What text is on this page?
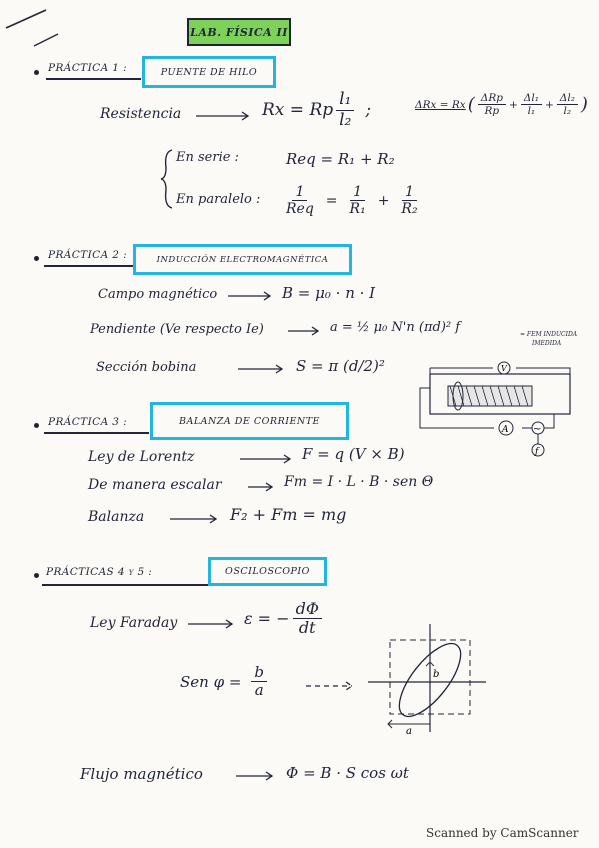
LAB. FÍSICA II
PRÁCTICA 1 :	PUENTE DE HILO
Resistencia	Rx = Rp $\frac{\text{l₁}}{\text{l₂}}$ ;	ΔRx = Rx ( $\frac{\text{ΔRp}}{Rp} + \frac{\text{Δl₁}}{\text{l₁}} + \frac{\text{Δl₂}}{\text{l₂}}$ )
En serie :	Req = R₁ + R₂
En paralelo : $\frac{1}{\text{Req}} = \frac{1}{\text{R₁}} + \frac{1}{\text{R₂}}$
PRÁCTICA 2 :	INDUCCIÓN ELECTROMAGNÉTICA
Campo magnético	B = μ₀ · n · I
Pendiente (Ve respecto Ie)	a = ½ μ₀ N'n (πd)² f	= FEM INDUCIDA
IMEDIDA
Sección bobina	S = π (d/2)²	V
A ~
f
PRÁCTICA 3 :	BALANZA DE CORRIENTE
Ley de Lorentz	F = q (V × B)
De manera escalar	Fm = I · L · B · sen Θ
Balanza	F₂ + Fm = mg
PRÁCTICAS 4 y 5 :	OSCILOSCOPIO
Ley Faraday	ε = − $\frac{d\Phi}{dt}$
Sen $\varphi = \frac{b}{a}$	b
a
Flujo magnético	Φ = B · S cos ωt
Scanned by CamScanner
